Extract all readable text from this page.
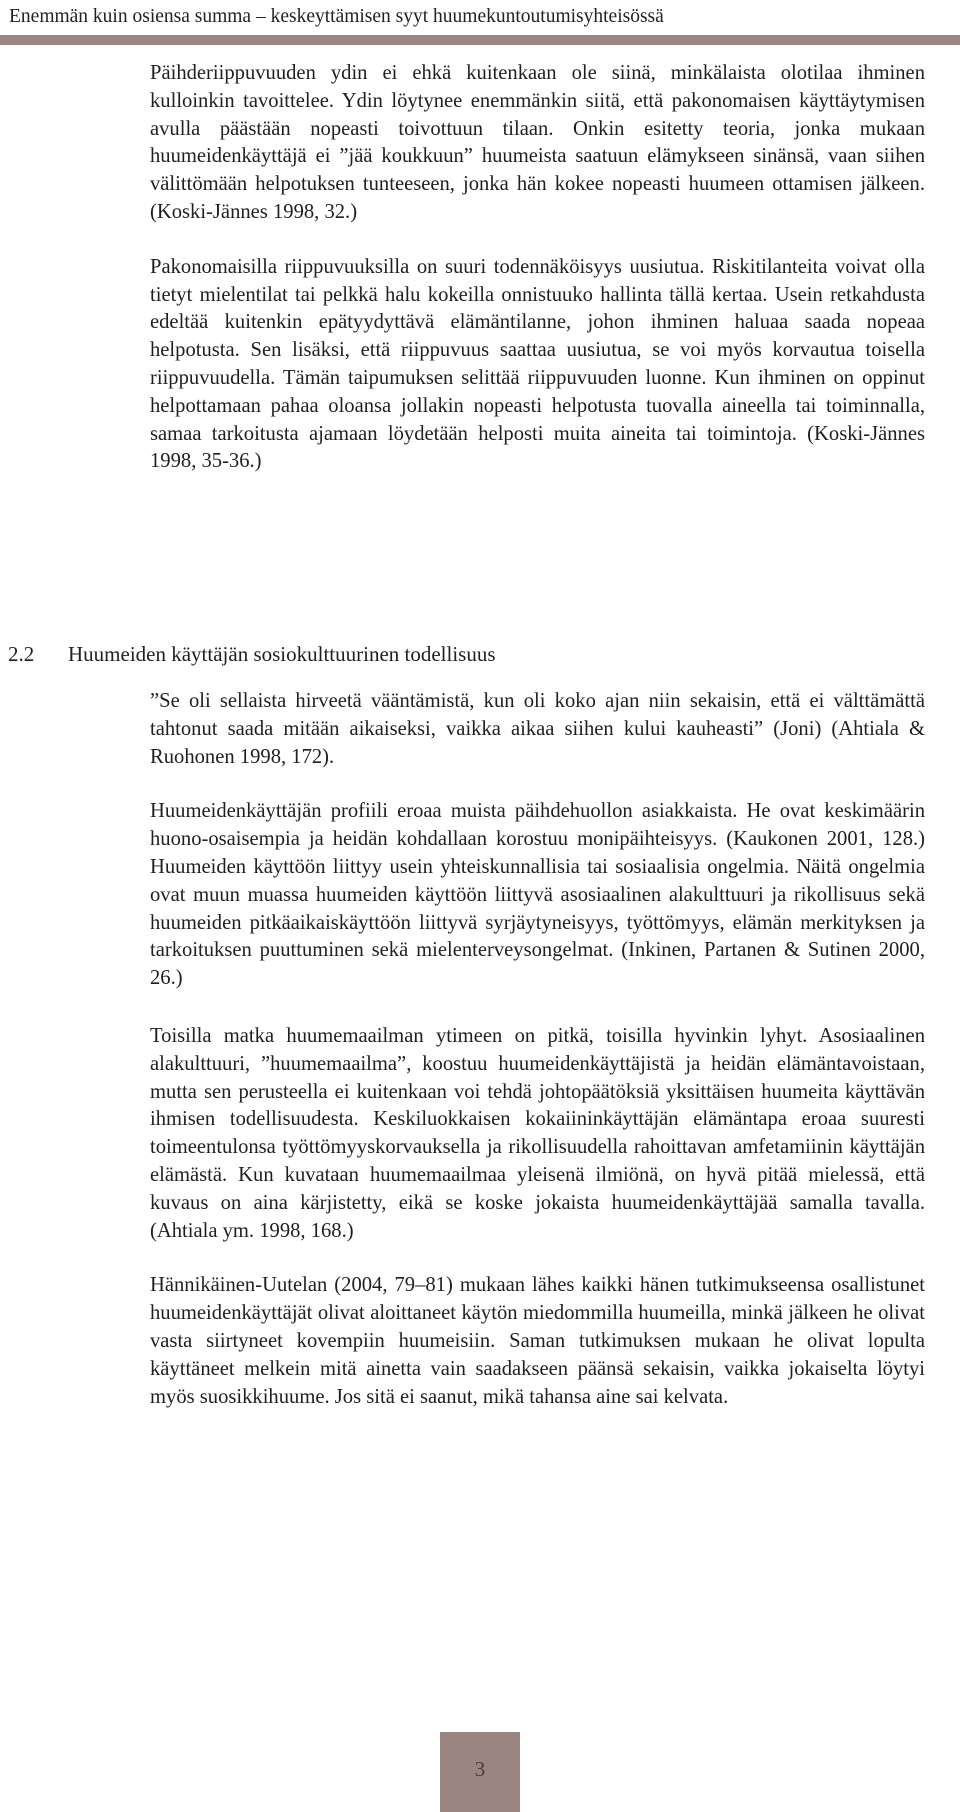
Enemmän kuin osiensa summa – keskeyttämisen syyt huumekuntoutumisyhteisössä

Päihderiippuvuuden ydin ei ehkä kuitenkaan ole siinä, minkälaista olotilaa ihminen kulloinkin tavoittelee. Ydin löytynee enemmänkin siitä, että pakonomaisen käyttäytymisen avulla päästään nopeasti toivottuun tilaan. Onkin esitetty teoria, jonka mukaan huumeidenkäyttäjä ei ”jää koukkuun” huumeista saatuun elämykseen sinänsä, vaan siihen välittömään helpotuksen tunteeseen, jonka hän kokee nopeasti huumeen ottamisen jälkeen. (Koski-Jännes 1998, 32.)

Pakonomaisilla riippuvuuksilla on suuri todennäköisyys uusiutua. Riskitilanteita voivat olla tietyt mielentilat tai pelkkä halu kokeilla onnistuuko hallinta tällä kertaa. Usein retkahdusta edeltää kuitenkin epätyydyttävä elämäntilanne, johon ihminen haluaa saada nopeaa helpotusta. Sen lisäksi, että riippuvuus saattaa uusiutua, se voi myös korvautua toisella riippuvuudella. Tämän taipumuksen selittää riippuvuuden luonne. Kun ihminen on oppinut helpottamaan pahaa oloansa jollakin nopeasti helpotusta tuovalla aineella tai toiminnalla, samaa tarkoitusta ajamaan löydetään helposti muita aineita tai toimintoja. (Koski-Jännes 1998, 35-36.)

2.2 Huumeiden käyttäjän sosiokulttuurinen todellisuus

”Se oli sellaista hirveetä vääntämistä, kun oli koko ajan niin sekaisin, että ei välttämättä tahtonut saada mitään aikaiseksi, vaikka aikaa siihen kului kauheasti” (Joni) (Ahtiala & Ruohonen 1998, 172).

Huumeidenkäyttäjän profiili eroaa muista päihdehuollon asiakkaista. He ovat keskimäärin huono-osaisempia ja heidän kohdallaan korostuu monipäihteisyys. (Kaukonen 2001, 128.) Huumeiden käyttöön liittyy usein yhteiskunnallisia tai sosiaalisia ongelmia. Näitä ongelmia ovat muun muassa huumeiden käyttöön liittyvä asosiaalinen alakulttuuri ja rikollisuus sekä huumeiden pitkäaikaiskäyttöön liittyvä syrjäytyneisyys, työttömyys, elämän merkityksen ja tarkoituksen puuttuminen sekä mielenterveysongelmat. (Inkinen, Partanen & Sutinen 2000, 26.)

Toisilla matka huumemaailman ytimeen on pitkä, toisilla hyvinkin lyhyt. Asosiaalinen alakulttuuri, ”huumemaailma”, koostuu huumeidenkäyttäjistä ja heidän elämäntavoistaan, mutta sen perusteella ei kuitenkaan voi tehdä johtopäätöksiä yksittäisen huumeita käyttävän ihmisen todellisuudesta. Keskiluokkaisen kokaiininkäyttäjän elämäntapa eroaa suuresti toimeentulonsa työttömyyskorvauksella ja rikollisuudella rahoittavan amfetamiinin käyttäjän elämästä. Kun kuvataan huumemaailmaa yleisenä ilmiönä, on hyvä pitää mielessä, että kuvaus on aina kärjistetty, eikä se koske jokaista huumeidenkäyttäjää samalla tavalla. (Ahtiala ym. 1998, 168.)

Hännikäinen-Uutelan (2004, 79–81) mukaan lähes kaikki hänen tutkimukseensa osallistunet huumeidenkäyttäjät olivat aloittaneet käytön miedommilla huumeilla, minkä jälkeen he olivat vasta siirtyneet kovempiin huumeisiin. Saman tutkimuksen mukaan he olivat lopulta käyttäneet melkein mitä ainetta vain saadakseen päänsä sekaisin, vaikka jokaiselta löytyi myös suosikkihuume. Jos sitä ei saanut, mikä tahansa aine sai kelvata.

3
